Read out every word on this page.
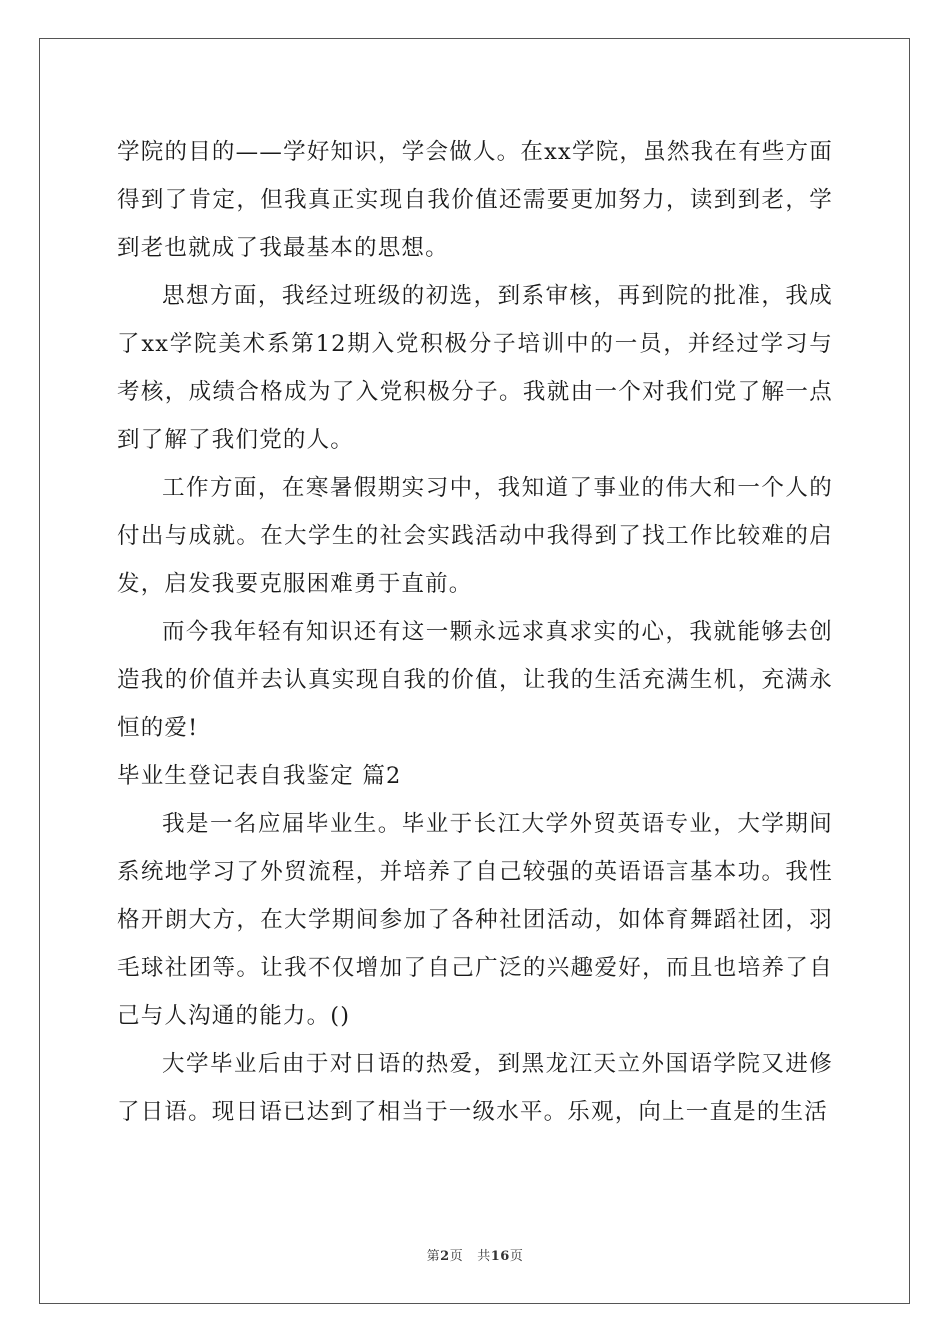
学院的目的——学好知识，学会做人。在xx学院，虽然我在有些方面得到了肯定，但我真正实现自我价值还需要更加努力，读到到老，学到老也就成了我最基本的思想。

思想方面，我经过班级的初选，到系审核，再到院的批准，我成了xx学院美术系第12期入党积极分子培训中的一员，并经过学习与考核，成绩合格成为了入党积极分子。我就由一个对我们党了解一点到了解了我们党的人。

工作方面，在寒暑假期实习中，我知道了事业的伟大和一个人的付出与成就。在大学生的社会实践活动中我得到了找工作比较难的启发，启发我要克服困难勇于直前。

而今我年轻有知识还有这一颗永远求真求实的心，我就能够去创造我的价值并去认真实现自我的价值，让我的生活充满生机，充满永恒的爱!

毕业生登记表自我鉴定 篇2

我是一名应届毕业生。毕业于长江大学外贸英语专业，大学期间系统地学习了外贸流程，并培养了自己较强的英语语言基本功。我性格开朗大方，在大学期间参加了各种社团活动，如体育舞蹈社团，羽毛球社团等。让我不仅增加了自己广泛的兴趣爱好，而且也培养了自己与人沟通的能力。()

大学毕业后由于对日语的热爱，到黑龙江天立外国语学院又进修了日语。现日语已达到了相当于一级水平。乐观，向上一直是的生活

第2页 共16页
